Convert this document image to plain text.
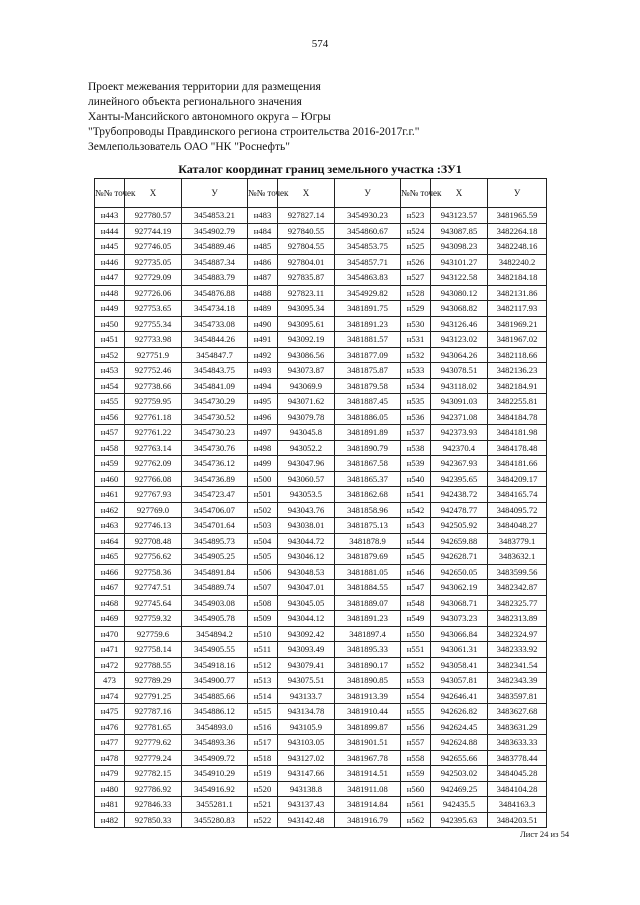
574
Проект межевания территории для размещения
линейного объекта регионального значения
Ханты-Мансийского автономного округа – Югры
"Трубопроводы Правдинского региона строительства 2016-2017г.г."
Землепользователь ОАО "НК "Роснефть"
Каталог координат границ земельного участка :ЗУ1
№№ точек	X	У	№№ точек	X	У	№№ точек	X	У
н443	927780.57	3454853.21	н483	927827.14	3454930.23	н523	943123.57	3481965.59
н444	927744.19	3454902.79	н484	927840.55	3454860.67	н524	943087.85	3482264.18
н445	927746.05	3454889.46	н485	927804.55	3454853.75	н525	943098.23	3482248.16
н446	927735.05	3454887.34	н486	927804.01	3454857.71	н526	943101.27	3482240.2
н447	927729.09	3454883.79	н487	927835.87	3454863.83	н527	943122.58	3482184.18
н448	927726.06	3454876.88	н488	927823.11	3454929.82	н528	943080.12	3482131.86
н449	927753.65	3454734.18	н489	943095.34	3481891.75	н529	943068.82	3482117.93
н450	927755.34	3454733.08	н490	943095.61	3481891.23	н530	943126.46	3481969.21
н451	927733.98	3454844.26	н491	943092.19	3481881.57	н531	943123.02	3481967.02
н452	927751.9	3454847.7	н492	943086.56	3481877.09	н532	943064.26	3482118.66
н453	927752.46	3454843.75	н493	943073.87	3481875.87	н533	943078.51	3482136.23
н454	927738.66	3454841.09	н494	943069.9	3481879.58	н534	943118.02	3482184.91
н455	927759.95	3454730.29	н495	943071.62	3481887.45	н535	943091.03	3482255.81
н456	927761.18	3454730.52	н496	943079.78	3481886.05	н536	942371.08	3484184.78
н457	927761.22	3454730.23	н497	943045.8	3481891.89	н537	942373.93	3484181.98
н458	927763.14	3454730.76	н498	943052.2	3481890.79	н538	942370.4	3484178.48
н459	927762.09	3454736.12	н499	943047.96	3481867.58	н539	942367.93	3484181.66
н460	927766.08	3454736.89	н500	943060.57	3481865.37	н540	942395.65	3484209.17
н461	927767.93	3454723.47	н501	943053.5	3481862.68	н541	942438.72	3484165.74
н462	927769.0	3454706.07	н502	943043.76	3481858.96	н542	942478.77	3484095.72
н463	927746.13	3454701.64	н503	943038.01	3481875.13	н543	942505.92	3484048.27
н464	927708.48	3454895.73	н504	943044.72	3481878.9	н544	942659.88	3483779.1
н465	927756.62	3454905.25	н505	943046.12	3481879.69	н545	942628.71	3483632.1
н466	927758.36	3454891.84	н506	943048.53	3481881.05	н546	942650.05	3483599.56
н467	927747.51	3454889.74	н507	943047.01	3481884.55	н547	943062.19	3482342.87
н468	927745.64	3454903.08	н508	943045.05	3481889.07	н548	943068.71	3482325.77
н469	927759.32	3454905.78	н509	943044.12	3481891.23	н549	943073.23	3482313.89
н470	927759.6	3454894.2	н510	943092.42	3481897.4	н550	943066.84	3482324.97
н471	927758.14	3454905.55	н511	943093.49	3481895.33	н551	943061.31	3482333.92
н472	927788.55	3454918.16	н512	943079.41	3481890.17	н552	943058.41	3482341.54
473	927789.29	3454900.77	н513	943075.51	3481890.85	н553	943057.81	3482343.39
н474	927791.25	3454885.66	н514	943133.7	3481913.39	н554	942646.41	3483597.81
н475	927787.16	3454886.12	н515	943134.78	3481910.44	н555	942626.82	3483627.68
н476	927781.65	3454893.0	н516	943105.9	3481899.87	н556	942624.45	3483631.29
н477	927779.62	3454893.36	н517	943103.05	3481901.51	н557	942624.88	3483633.33
н478	927779.24	3454909.72	н518	943127.02	3481967.78	н558	942655.66	3483778.44
н479	927782.15	3454910.29	н519	943147.66	3481914.51	н559	942503.02	3484045.28
н480	927786.92	3454916.92	н520	943138.8	3481911.08	н560	942469.25	3484104.28
н481	927846.33	3455281.1	н521	943137.43	3481914.84	н561	942435.5	3484163.3
н482	927850.33	3455280.83	н522	943142.48	3481916.79	н562	942395.63	3484203.51
Лист 24 из 54
